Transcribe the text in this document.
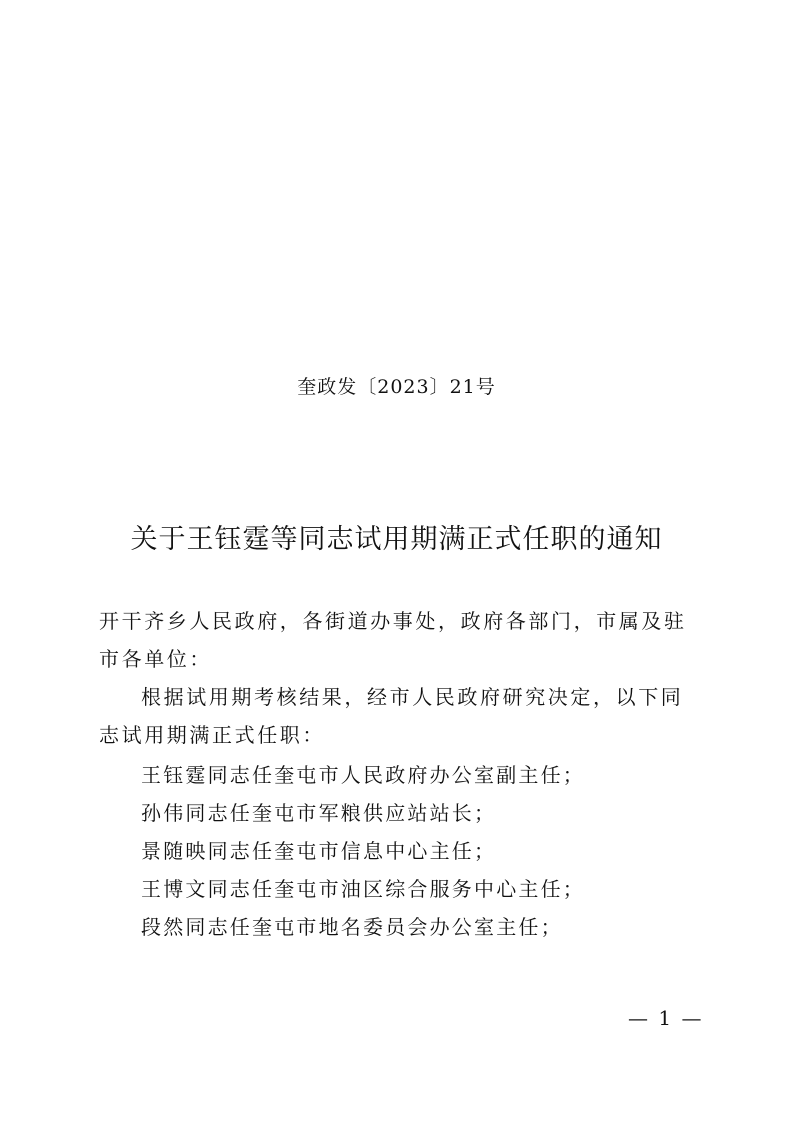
奎政发〔2023〕21号
关于王钰霆等同志试用期满正式任职的通知
开干齐乡人民政府，各街道办事处，政府各部门，市属及驻市各单位：
根据试用期考核结果，经市人民政府研究决定，以下同志试用期满正式任职：
王钰霆同志任奎屯市人民政府办公室副主任；
孙伟同志任奎屯市军粮供应站站长；
景随映同志任奎屯市信息中心主任；
王博文同志任奎屯市油区综合服务中心主任；
段然同志任奎屯市地名委员会办公室主任；
— 1 —
